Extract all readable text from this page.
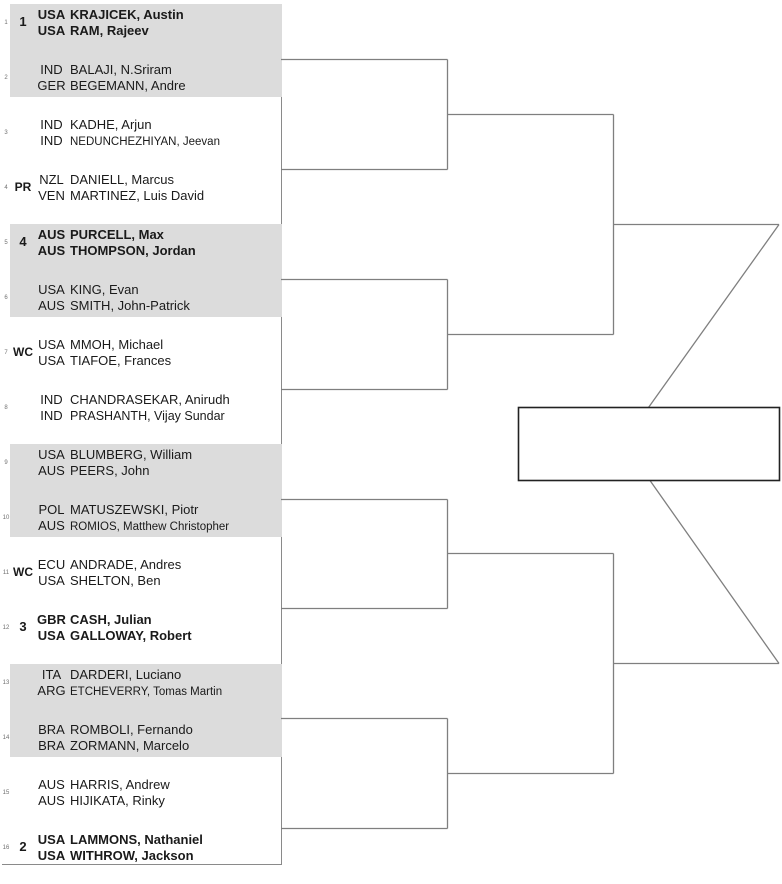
1 1 USA KRAJICEK, Austin
USA RAM, Rajeev
2
IND BALAJI, N.Sriram
GER BEGEMANN, Andre
3
IND KADHE, Arjun
IND NEDUNCHEZHIYAN, Jeevan
4 PR NZL DANIELL, Marcus
VEN MARTINEZ, Luis David
5 4 AUS PURCELL, Max
AUS THOMPSON, Jordan
6
USA KING, Evan
AUS SMITH, John-Patrick
7 WC USA MMOH, Michael
USA TIAFOE, Frances
8
IND CHANDRASEKAR, Anirudh
IND PRASHANTH, Vijay Sundar
9
USA BLUMBERG, William
AUS PEERS, John
10
POL MATUSZEWSKI, Piotr
AUS ROMIOS, Matthew Christopher
11 WC ECU ANDRADE, Andres
USA SHELTON, Ben
12 3 GBR CASH, Julian
USA GALLOWAY, Robert
13
ITA DARDERI, Luciano
ARG ETCHEVERRY, Tomas Martin
14
BRA ROMBOLI, Fernando
BRA ZORMANN, Marcelo
15
AUS HARRIS, Andrew
AUS HIJIKATA, Rinky
16 2 USA LAMMONS, Nathaniel
USA WITHROW, Jackson
